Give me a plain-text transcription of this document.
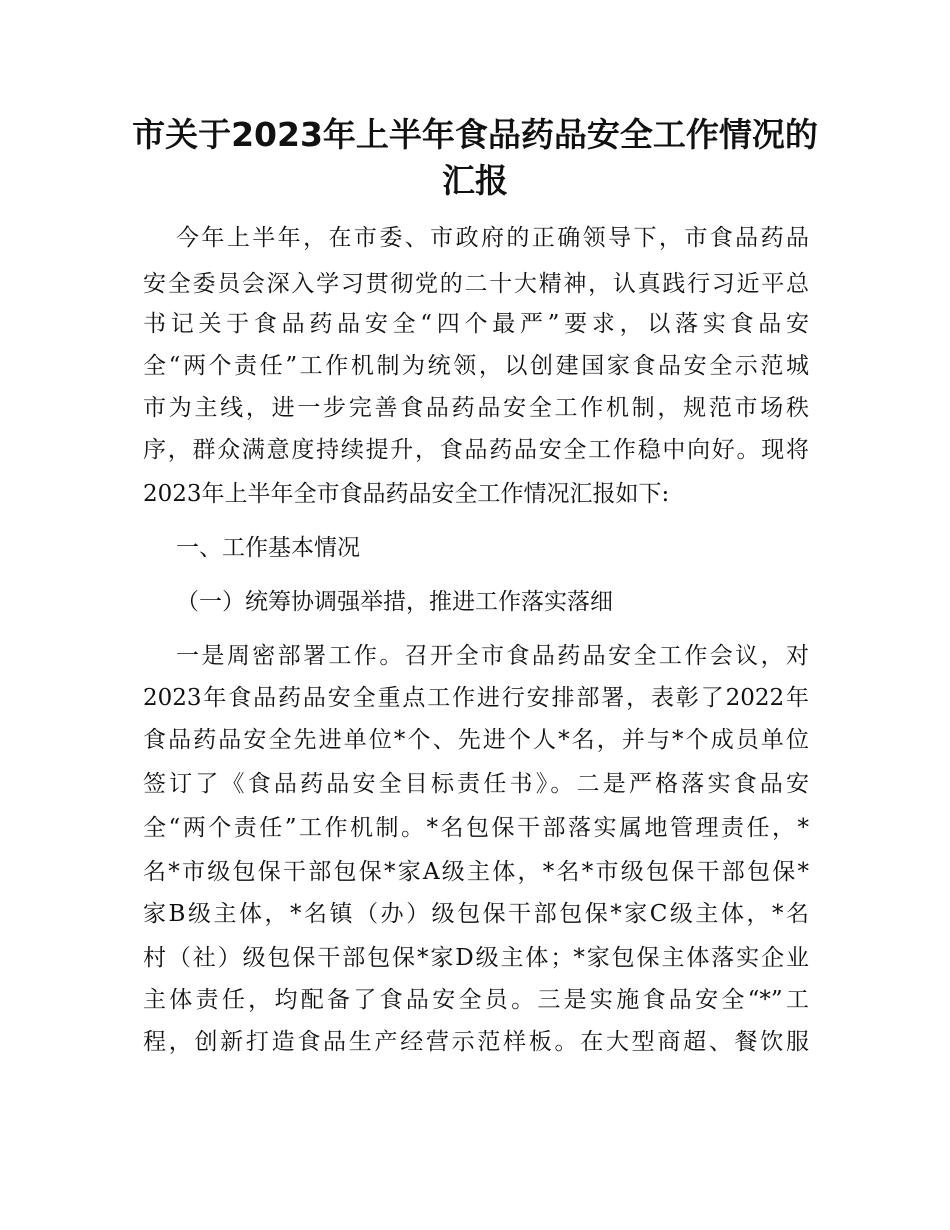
市关于2023年上半年食品药品安全工作情况的
汇报
今年上半年，在市委、市政府的正确领导下，市食品药品
安全委员会深入学习贯彻党的二十大精神，认真践行习近平总
书记关于食品药品安全“四个最严”要求，以落实食品安
全“两个责任”工作机制为统领，以创建国家食品安全示范城
市为主线，进一步完善食品药品安全工作机制，规范市场秩
序，群众满意度持续提升，食品药品安全工作稳中向好。现将
2023年上半年全市食品药品安全工作情况汇报如下:
一、工作基本情况
（一）统筹协调强举措，推进工作落实落细
一是周密部署工作。召开全市食品药品安全工作会议，对
2023年食品药品安全重点工作进行安排部署，表彰了2022年
食品药品安全先进单位*个、先进个人*名，并与*个成员单位
签订了《食品药品安全目标责任书》。二是严格落实食品安
全“两个责任”工作机制。*名包保干部落实属地管理责任，*
名*市级包保干部包保*家A级主体，*名*市级包保干部包保*
家B级主体，*名镇（办）级包保干部包保*家C级主体，*名
村（社）级包保干部包保*家D级主体；*家包保主体落实企业
主体责任，均配备了食品安全员。三是实施食品安全“*”工
程，创新打造食品生产经营示范样板。在大型商超、餐饮服
